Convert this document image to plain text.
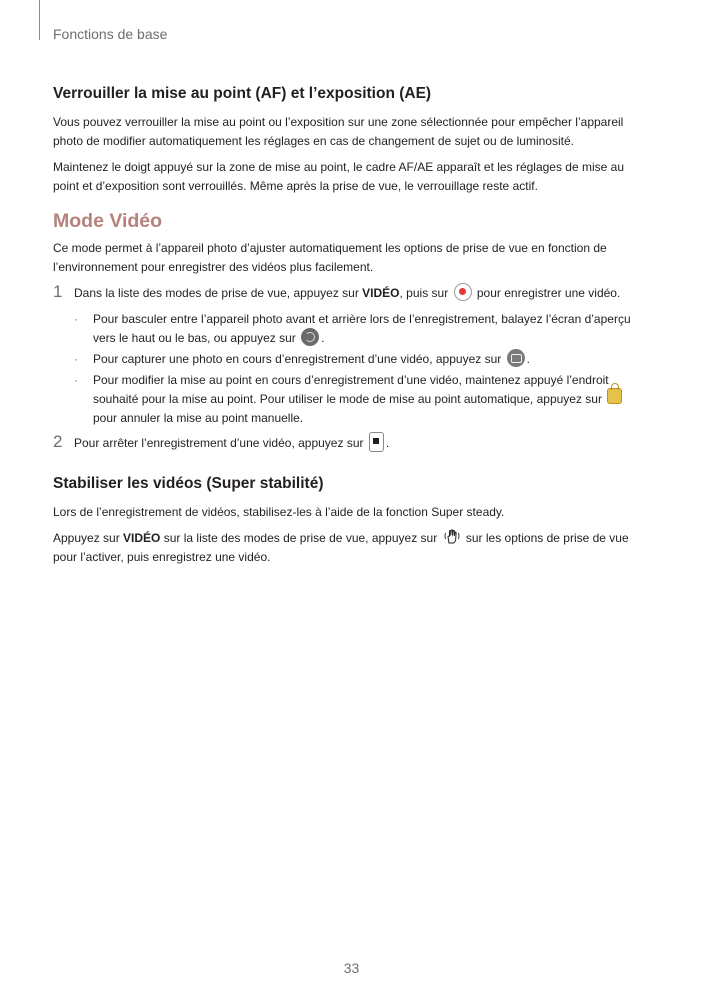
Fonctions de base
Verrouiller la mise au point (AF) et l’exposition (AE)

Vous pouvez verrouiller la mise au point ou l’exposition sur une zone sélectionnée pour empêcher l’appareil photo de modifier automatiquement les réglages en cas de changement de sujet ou de luminosité.

Maintenez le doigt appuyé sur la zone de mise au point, le cadre AF/AE apparaît et les réglages de mise au point et d’exposition sont verrouillés. Même après la prise de vue, le verrouillage reste actif.

Mode Vidéo

Ce mode permet à l’appareil photo d’ajuster automatiquement les options de prise de vue en fonction de l’environnement pour enregistrer des vidéos plus facilement.

1 Dans la liste des modes de prise de vue, appuyez sur VIDÉO, puis sur  pour enregistrer une vidéo.
· Pour basculer entre l’appareil photo avant et arrière lors de l’enregistrement, balayez l’écran d’aperçu vers le haut ou le bas, ou appuyez sur .
· Pour capturer une photo en cours d’enregistrement d’une vidéo, appuyez sur .
· Pour modifier la mise au point en cours d’enregistrement d’une vidéo, maintenez appuyé l’endroit souhaité pour la mise au point. Pour utiliser le mode de mise au point automatique, appuyez sur  pour annuler la mise au point manuelle.
2 Pour arrêter l’enregistrement d’une vidéo, appuyez sur .
Stabiliser les vidéos (Super stabilité)

Lors de l’enregistrement de vidéos, stabilisez-les à l’aide de la fonction Super steady.

Appuyez sur VIDÉO sur la liste des modes de prise de vue, appuyez sur
sur les options de prise de vue pour l’activer, puis enregistrez une vidéo.

33
